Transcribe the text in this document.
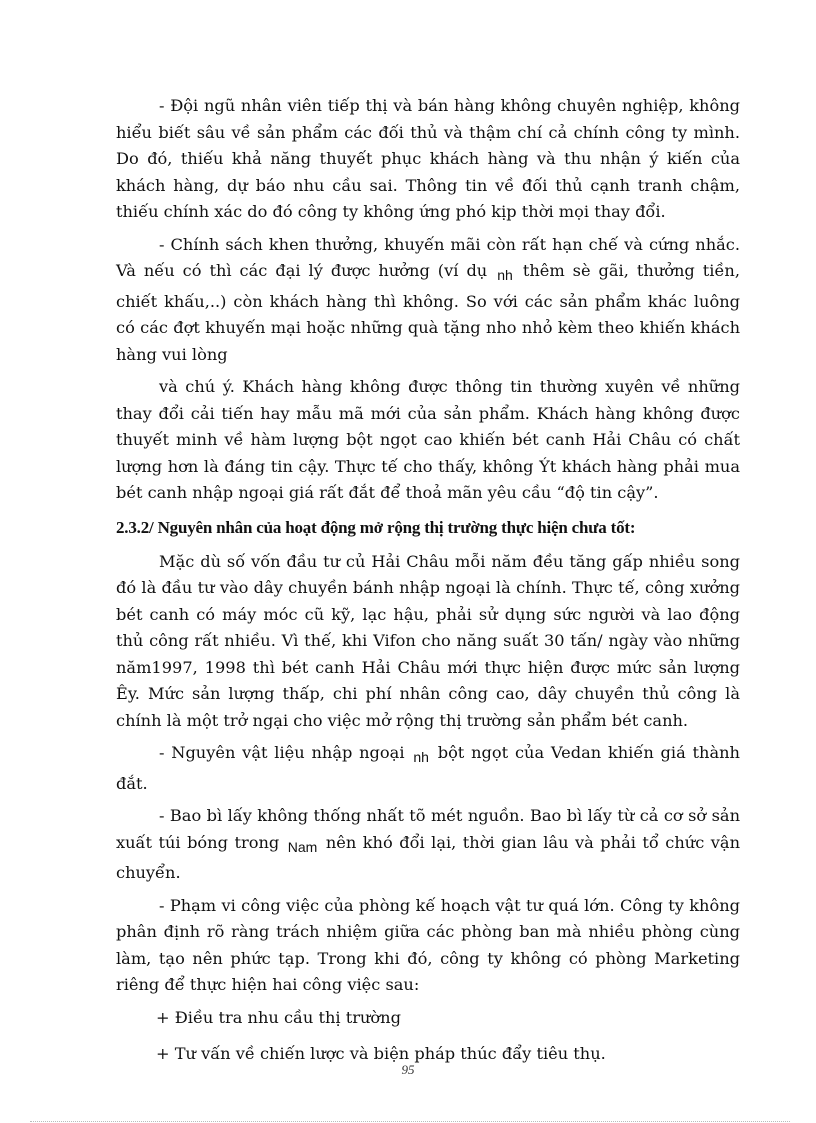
- Đội ngũ nhân viên tiếp thị và bán hàng không chuyên nghiệp, không hiểu biết sâu về sản phẩm các đối thủ và thậm chí cả chính công ty mình. Do đó, thiếu khả năng thuyết phục khách hàng và thu nhận ý kiến của khách hàng, dự báo nhu cầu sai. Thông tin về đối thủ cạnh tranh chậm, thiếu chính xác do đó công ty không ứng phó kịp thời mọi thay đổi.

- Chính sách khen thưởng, khuyến mãi còn rất hạn chế và cứng nhắc. Và nếu có thì các đại lý được hưởng (ví dụ nh thêm sè gãi, thưởng tiền, chiết khấu,..) còn khách hàng thì không. So với các sản phẩm khác luông có các đợt khuyến mại hoặc những quà tặng nho nhỏ kèm theo khiến khách hàng vui lòng

và chú ý. Khách hàng không được thông tin thường xuyên về những thay đổi cải tiến hay mẫu mã mới của sản phẩm. Khách hàng không được thuyết minh về hàm lượng bột ngọt cao khiến bét canh Hải Châu có chất lượng hơn là đáng tin cậy. Thực tế cho thấy, không Ýt khách hàng phải mua bét canh nhập ngoại giá rất đắt để thoả mãn yêu cầu “độ tin cậy”.

2.3.2/ Nguyên nhân của hoạt động mở rộng thị trường thực hiện chưa tốt:

Mặc dù số vốn đầu tư củ Hải Châu mỗi năm đều tăng gấp nhiều song đó là đầu tư vào dây chuyền bánh nhập ngoại là chính. Thực tế, công xưởng bét canh có máy móc cũ kỹ, lạc hậu, phải sử dụng sức người và lao động thủ công rất nhiều. Vì thế, khi Vifon cho năng suất 30 tấn/ ngày vào những năm1997, 1998 thì bét canh Hải Châu mới thực hiện được mức sản lượng Êy. Mức sản lượng thấp, chi phí nhân công cao, dây chuyền thủ công là chính là một trở ngại cho việc mở rộng thị trường sản phẩm bét canh.

- Nguyên vật liệu nhập ngoại nh bột ngọt của Vedan khiến giá thành đắt.

- Bao bì lấy không thống nhất tõ mét nguồn. Bao bì lấy từ cả cơ sở sản xuất túi bóng trong Nam nên khó đổi lại, thời gian lâu và phải tổ chức vận chuyển.

- Phạm vi công việc của phòng kế hoạch vật tư quá lớn. Công ty không phân định rõ ràng trách nhiệm giữa các phòng ban mà nhiều phòng cùng làm, tạo nên phức tạp. Trong khi đó, công ty không có phòng Marketing riêng để thực hiện hai công việc sau:

+ Điều tra nhu cầu thị trường

+ Tư vấn về chiến lược và biện pháp thúc đẩy tiêu thụ.

95
